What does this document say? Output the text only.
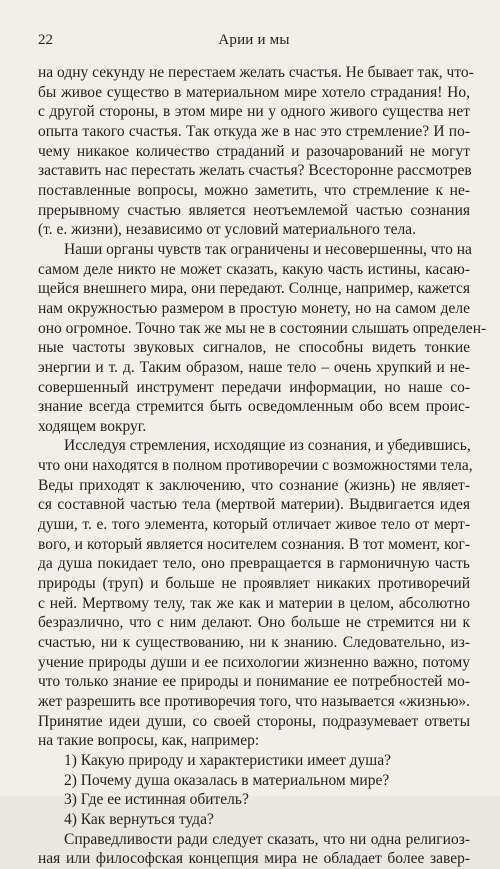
22	Арии и мы
на одну секунду не перестаем желать счастья. Не бывает так, что-
бы живое существо в материальном мире хотело страдания! Но,
с другой стороны, в этом мире ни у одного живого существа нет
опыта такого счастья. Так откуда же в нас это стремление? И по-
чему никакое количество страданий и разочарований не могут
заставить нас перестать желать счастья? Всесторонне рассмотрев
поставленные вопросы, можно заметить, что стремление к не-
прерывному счастью является неотъемлемой частью сознания
(т. е. жизни), независимо от условий материального тела.
Наши органы чувств так ограничены и несовершенны, что на
самом деле никто не может сказать, какую часть истины, касаю-
щейся внешнего мира, они передают. Солнце, например, кажется
нам окружностью размером в простую монету, но на самом деле
оно огромное. Точно так же мы не в состоянии слышать определен-
ные частоты звуковых сигналов, не способны видеть тонкие
энергии и т. д. Таким образом, наше тело – очень хрупкий и не-
совершенный инструмент передачи информации, но наше со-
знание всегда стремится быть осведомленным обо всем проис-
ходящем вокруг.
Исследуя стремления, исходящие из сознания, и убедившись,
что они находятся в полном противоречии с возможностями тела,
Веды приходят к заключению, что сознание (жизнь) не являет-
ся составной частью тела (мертвой материи). Выдвигается идея
души, т. е. того элемента, который отличает живое тело от мерт-
вого, и который является носителем сознания. В тот момент, ког-
да душа покидает тело, оно превращается в гармоничную часть
природы (труп) и больше не проявляет никаких противоречий
с ней. Мертвому телу, так же как и материи в целом, абсолютно
безразлично, что с ним делают. Оно больше не стремится ни к
счастью, ни к существованию, ни к знанию. Следовательно, из-
учение природы души и ее психологии жизненно важно, потому
что только знание ее природы и понимание ее потребностей мо-
жет разрешить все противоречия того, что называется «жизнью».
Принятие идеи души, со своей стороны, подразумевает ответы
на такие вопросы, как, например:
1) Какую природу и характеристики имеет душа?
2) Почему душа оказалась в материальном мире?
3) Где ее истинная обитель?
4) Как вернуться туда?
Справедливости ради следует сказать, что ни одна религиоз-
ная или философская концепция мира не обладает более завер-
